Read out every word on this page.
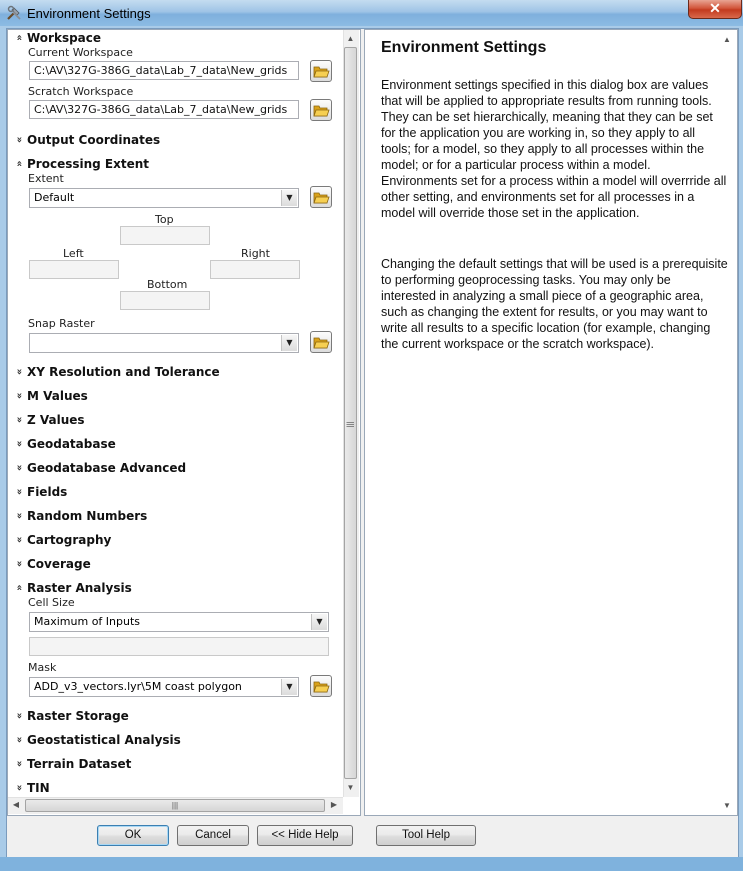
Environment Settings	✕
« Workspace
Current Workspace
C:\AV\327G-386G_data\Lab_7_data\New_grids
Scratch Workspace
C:\AV\327G-386G_data\Lab_7_data\New_grids
» Output Coordinates
« Processing Extent
Extent
Default	▼
Top
Left	Right
Bottom
Snap Raster
▼
» XY Resolution and Tolerance
» M Values
» Z Values
» Geodatabase
» Geodatabase Advanced
» Fields
» Random Numbers
» Cartography
» Coverage
« Raster Analysis
Cell Size
Maximum of Inputs	▼
Mask
ADD_v3_vectors.lyr\5M coast polygon	▼
» Raster Storage
» Geostatistical Analysis
» Terrain Dataset
» TIN
▲
|||
▼
◀	|||	▶
Environment Settings
Environment settings specified in this dialog box are values that will be applied to appropriate results from running tools. They can be set hierarchically, meaning that they can be set for the application you are working in, so they apply to all tools; for a model, so they apply to all processes within the model; or for a particular process within a model. Environments set for a process within a model will overrride all other setting, and environments set for all processes in a model will override those set in the application.
Changing the default settings that will be used is a prerequisite to performing geoprocessing tasks. You may only be interested in analyzing a small piece of a geographic area, such as changing the extent for results, or you may want to write all results to a specific location (for example, changing the current workspace or the scratch workspace).
▲
▼
OK	Cancel	<< Hide Help	Tool Help
